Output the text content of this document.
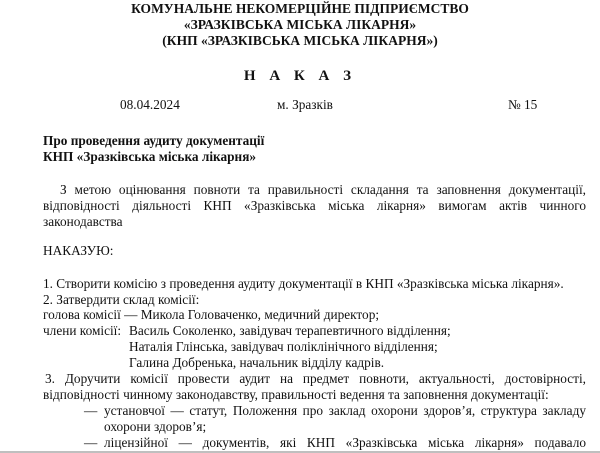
КОМУНАЛЬНЕ НЕКОМЕРЦІЙНЕ ПІДПРИЄМСТВО
«ЗРАЗКІВСЬКА МІСЬКА ЛІКАРНЯ»
(КНП «ЗРАЗКІВСЬКА МІСЬКА ЛІКАРНЯ»)
Н А К А З
08.04.2024	м. Зразків	№ 15
Про проведення аудиту документації
КНП «Зразківська міська лікарня»
З метою оцінювання повноти та правильності складання та заповнення документації,
відповідності діяльності КНП «Зразківська міська лікарня» вимогам актів чинного
законодавства
НАКАЗУЮ:
1. Створити комісію з проведення аудиту документації в КНП «Зразківська міська лікарня».
2. Затвердити склад комісії:
голова комісії — Микола Головаченко, медичний директор;
члени комісії: Василь Соколенко, завідувач терапевтичного відділення;
Наталія Глінська, завідувач поліклінічного відділення;
Галина Добренька, начальник відділу кадрів.
3. Доручити комісії провести аудит на предмет повноти, актуальності, достовірності,
відповідності чинному законодавству, правильності ведення та заповнення документації:
— установчої — статут, Положення про заклад охорони здоров’я, структура закладу
охорони здоров’я;
— ліцензійної — документів, які КНП «Зразківська міська лікарня» подавало
